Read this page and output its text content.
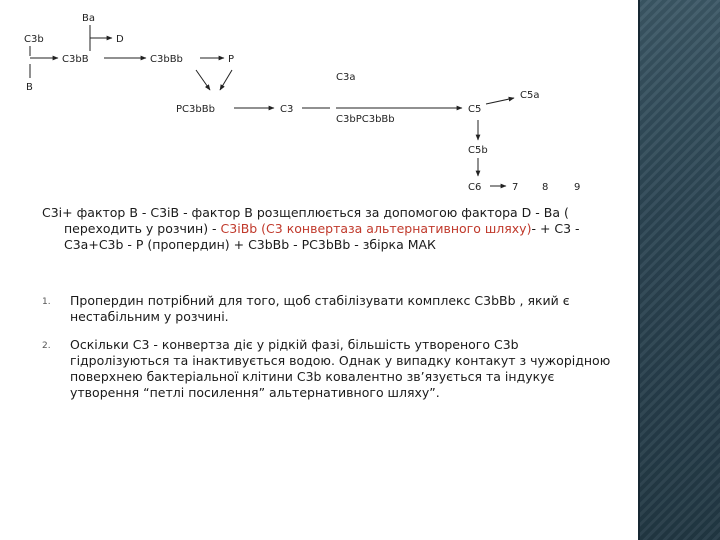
Ba
D
C3b
B
C3bB	C3bBb	P
PC3bBb	C3
C3a
C3bPC3bBb
C5
C5a
C5b
C6	7 8	9
C3i+ фактор B - C3iB - фактор B розщеплюється за допомогою фактора D - Ba ( переходить у розчин) - C3iBb (C3 конвертаза альтернативного шляху)- + C3 - C3a+C3b - P (пропердин) + C3bBb - PC3bBb - збірка МАК
1. Пропердин потрібний для того, щоб стабілізувати комплекс С3bBb , який є нестабільним у розчині.
2. Оскільки С3 - конвертза діє у рідкій фазі, більшість утвореного С3b гідролізуються та інактивується водою. Однак у випадку контакут з чужорідною поверхнею бактеріальної клітини C3b ковалентно зв’язується та індукує утворення “петлі посилення” альтернативного шляху”.
